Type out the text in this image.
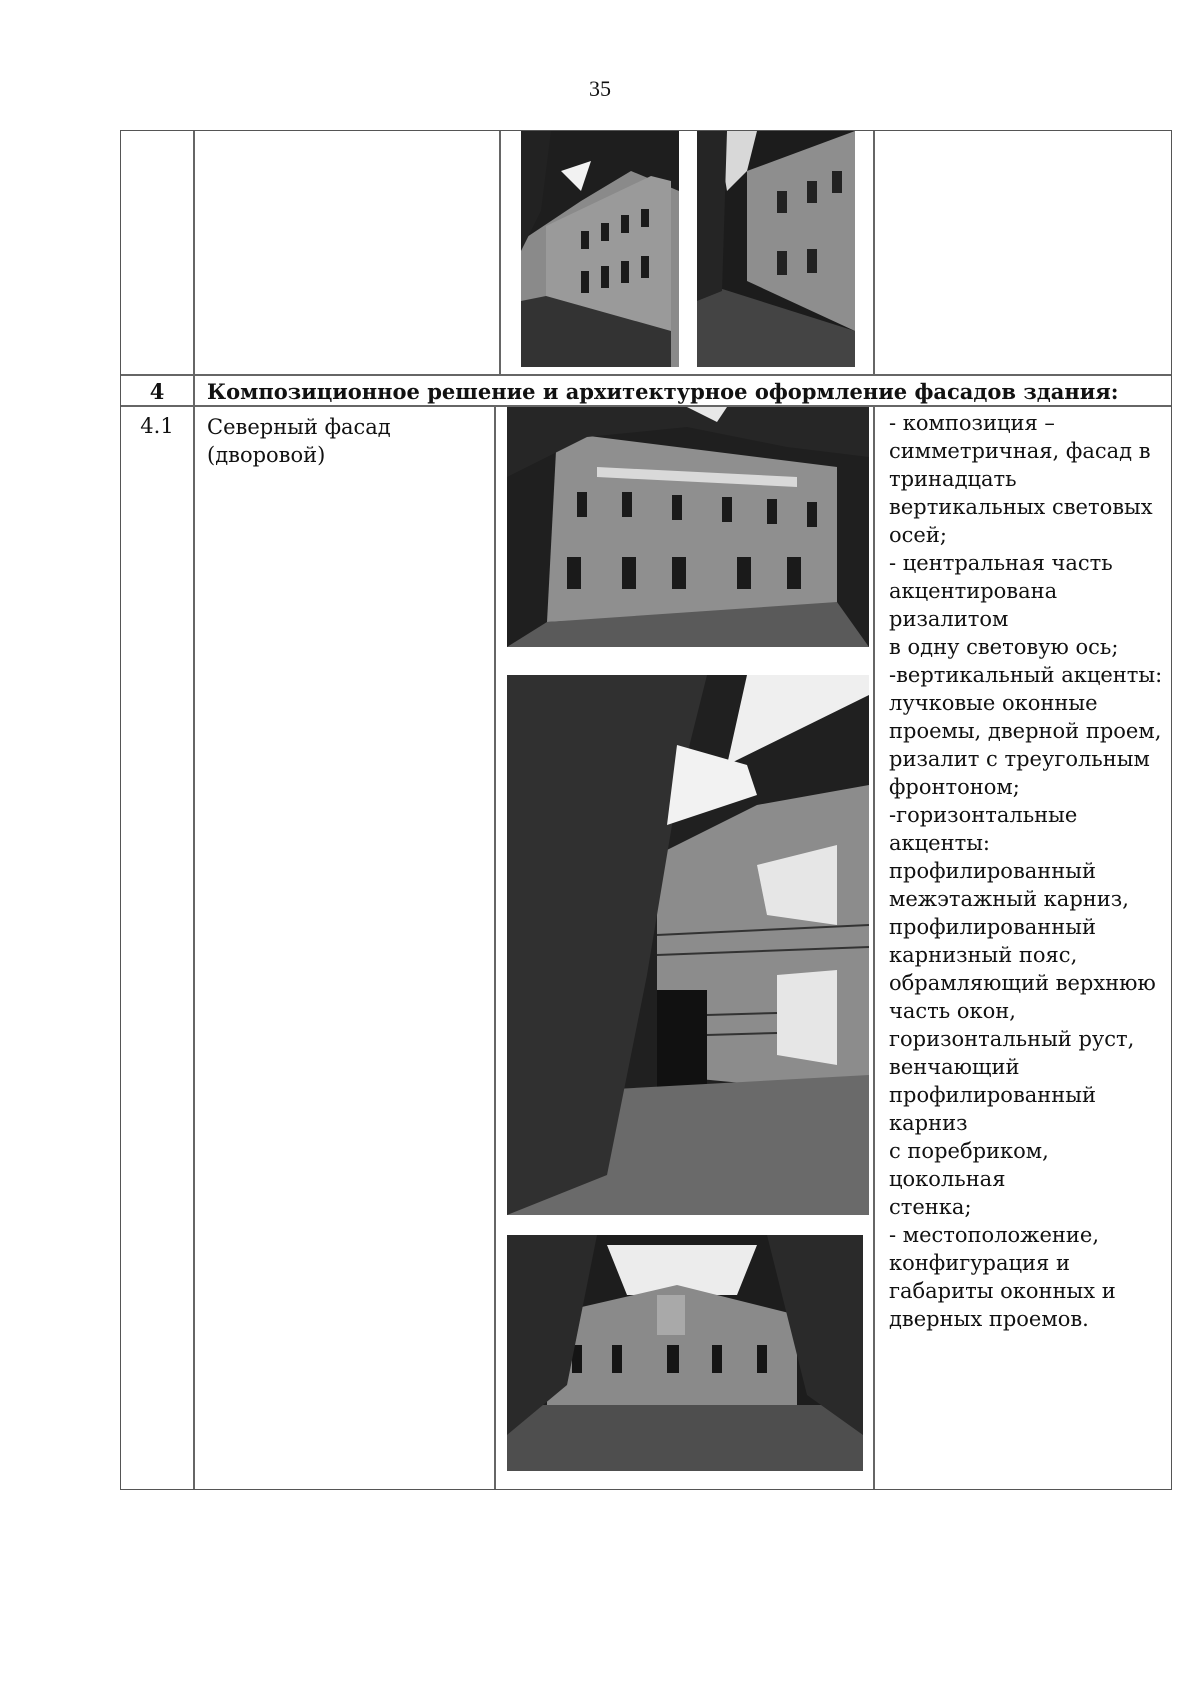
35
4	Композиционное решение и архитектурное оформление фасадов здания:
4.1	Северный фасад
(дворовой)
- композиция –
симметричная, фасад в
тринадцать
вертикальных световых
осей;
- центральная часть
акцентирована ризалитом
в одну световую ось;
-вертикальный акценты:
лучковые оконные
проемы, дверной проем,
ризалит с треугольным
фронтоном;
-горизонтальные акценты:
профилированный
межэтажный карниз,
профилированный
карнизный пояс,
обрамляющий верхнюю
часть окон,
горизонтальный руст,
венчающий
профилированный карниз
с поребриком, цокольная
стенка;
- местоположение,
конфигурация и
габариты оконных и
дверных проемов.
